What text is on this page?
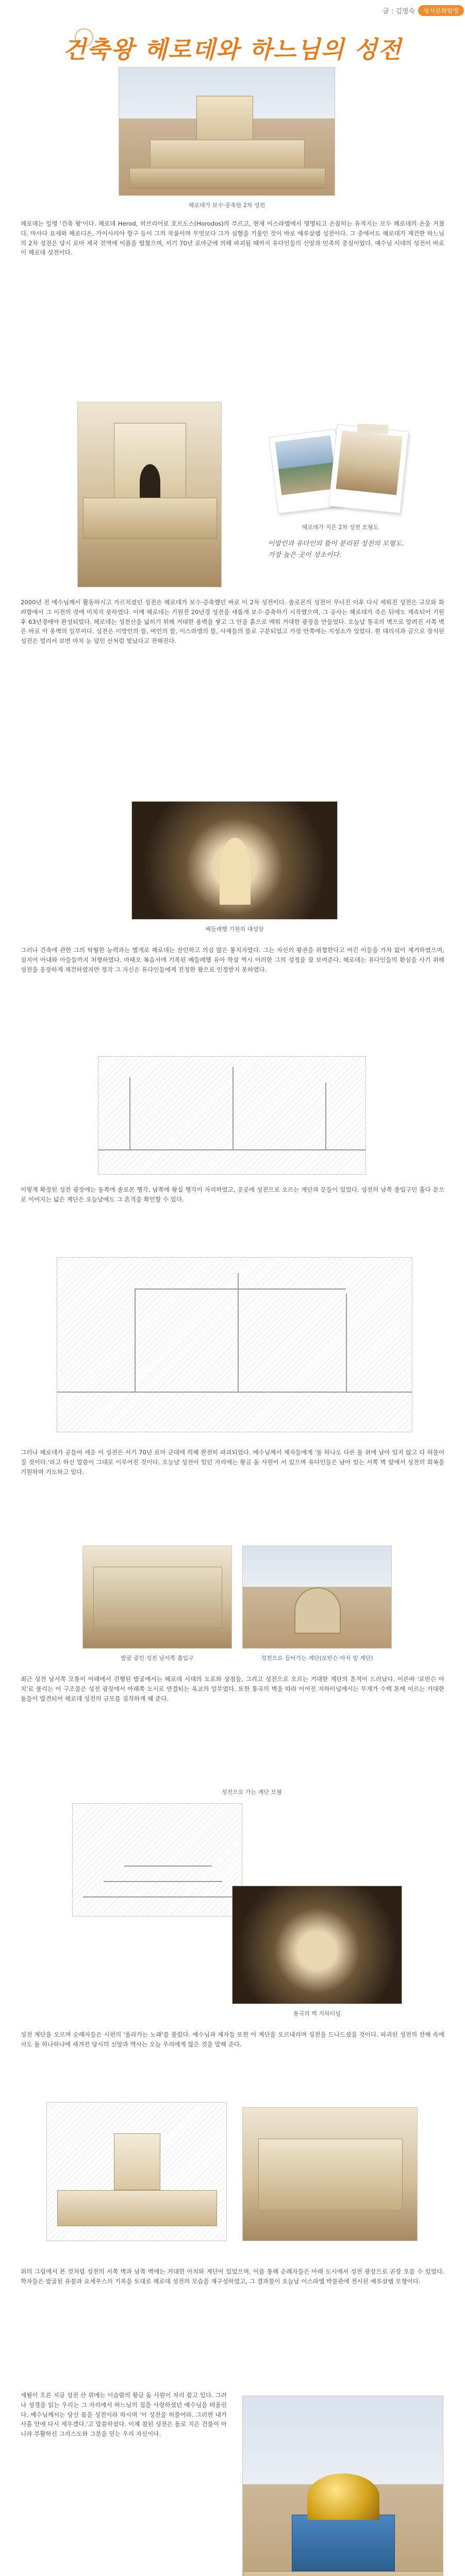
글 : 김명숙	성서문화탐방
건축왕 헤로데와 하느님의 성전
헤로데가 보수·증축한 2차 성전

헤로데는 일명 '건축 왕'이다. 헤로데 Herod, 히브리어로 호르도스(Horodos)의 부르고, 현재 이스라엘에서 명명되고 손꼽히는 유적지는 모두 헤로데의 손을 거쳤다. 마사다 요새와 헤로디온, 가이사리아 항구 등이 그의 작품이며 무엇보다 그가 심혈을 기울인 것이 바로 예루살렘 성전이다. 그 중에서도 헤로데가 재건한 하느님의 2차 성전은 당시 로마 제국 전역에 이름을 떨쳤으며, 서기 70년 로마군에 의해 파괴될 때까지 유다인들의 신앙과 민족의 중심이었다. 예수님 시대의 성전이 바로 이 헤로데 성전이다.

헤로데가 지은 2차 성전 모형도

이방인과 유다인의 뜰이 분리된 성전의 모형도. 가장 높은 곳이 성소이다.

2000년 전 예수님께서 활동하시고 가르치셨던 성전은 헤로데가 보수·증축했던 바로 이 2차 성전이다. 솔로몬의 성전이 무너진 이후 다시 세워진 성전은 규모와 화려함에서 그 이전의 것에 미치지 못하였다. 이에 헤로데는 기원전 20년경 성전을 새롭게 보수·증축하기 시작했으며, 그 공사는 헤로데가 죽은 뒤에도 계속되어 기원후 63년경에야 완성되었다. 헤로데는 성전산을 넓히기 위해 거대한 옹벽을 쌓고 그 안을 흙으로 메워 거대한 광장을 만들었다. 오늘날 통곡의 벽으로 알려진 서쪽 벽은 바로 이 옹벽의 일부이다. 성전은 이방인의 뜰, 여인의 뜰, 이스라엘의 뜰, 사제들의 뜰로 구분되었고 가장 안쪽에는 지성소가 있었다. 흰 대리석과 금으로 장식된 성전은 멀리서 보면 마치 눈 덮인 산처럼 빛났다고 전해진다.

베들레헴 기원의 대성당

그러나 건축에 관한 그의 탁월한 능력과는 별개로 헤로데는 잔인하고 의심 많은 통치자였다. 그는 자신의 왕권을 위협한다고 여긴 이들을 가차 없이 제거하였으며, 심지어 아내와 아들들까지 처형하였다. 마태오 복음서에 기록된 베들레헴 유아 학살 역시 이러한 그의 성정을 잘 보여준다. 헤로데는 유다인들의 환심을 사기 위해 성전을 웅장하게 재건하였지만 정작 그 자신은 유다인들에게 진정한 왕으로 인정받지 못하였다.

이렇게 확장된 성전 광장에는 동쪽에 솔로몬 행각, 남쪽에 왕실 행각이 자리하였고, 곳곳에 성전으로 오르는 계단과 문들이 있었다. 성전의 남쪽 출입구인 훌다 문으로 이어지는 넓은 계단은 오늘날에도 그 흔적을 확인할 수 있다.

그러나 헤로데가 공들여 세운 이 성전은 서기 70년 로마 군대에 의해 완전히 파괴되었다. 예수님께서 제자들에게 '돌 하나도 다른 돌 위에 남아 있지 않고 다 허물어질 것이다.'라고 하신 말씀이 그대로 이루어진 것이다. 오늘날 성전이 있던 자리에는 황금 돔 사원이 서 있으며 유다인들은 남아 있는 서쪽 벽 앞에서 성전의 회복을 기원하며 기도하고 있다.

발굴 중인 성전 남서쪽 출입구	성전으로 들어가는 계단(로빈슨 아치 밑 계단)

최근 성전 남서쪽 모퉁이 아래에서 진행된 발굴에서는 헤로데 시대의 도로와 상점들, 그리고 성전으로 오르는 거대한 계단의 흔적이 드러났다. 이른바 '로빈슨 아치'로 불리는 이 구조물은 성전 광장에서 아래쪽 도시로 연결되는 육교의 일부였다. 또한 통곡의 벽을 따라 이어진 지하터널에서는 무게가 수백 톤에 이르는 거대한 돌들이 발견되어 헤로데 성전의 규모를 짐작하게 해 준다.

성전으로 가는 계단 모형
통곡의 벽 지하터널

성전 계단을 오르며 순례자들은 시편의 '올라가는 노래'를 불렀다. 예수님과 제자들 또한 이 계단을 오르내리며 성전을 드나드셨을 것이다. 파괴된 성전의 잔해 속에서도 돌 하나하나에 새겨진 당시의 신앙과 역사는 오늘 우리에게 많은 것을 말해 준다.

위의 그림에서 본 것처럼 성전의 서쪽 벽과 남쪽 벽에는 거대한 아치와 계단이 있었으며, 이를 통해 순례자들은 아래 도시에서 성전 광장으로 곧장 오를 수 있었다. 학자들은 발굴된 유물과 요세푸스의 기록을 토대로 헤로데 성전의 모습을 재구성하였고, 그 결과물이 오늘날 이스라엘 박물관에 전시된 예루살렘 모형이다.

세월이 흐른 지금 성전 산 위에는 이슬람의 황금 돔 사원이 자리 잡고 있다. 그러나 성경을 읽는 우리는 그 자리에서 하느님의 집을 사랑하셨던 예수님을 떠올린다. 예수님께서는 당신 몸을 성전이라 하시며 '이 성전을 허물어라. 그러면 내가 사흘 안에 다시 세우겠다.'고 말씀하셨다. 이제 참된 성전은 돌로 지은 건물이 아니라 부활하신 그리스도와 그분을 믿는 우리 자신이다.
